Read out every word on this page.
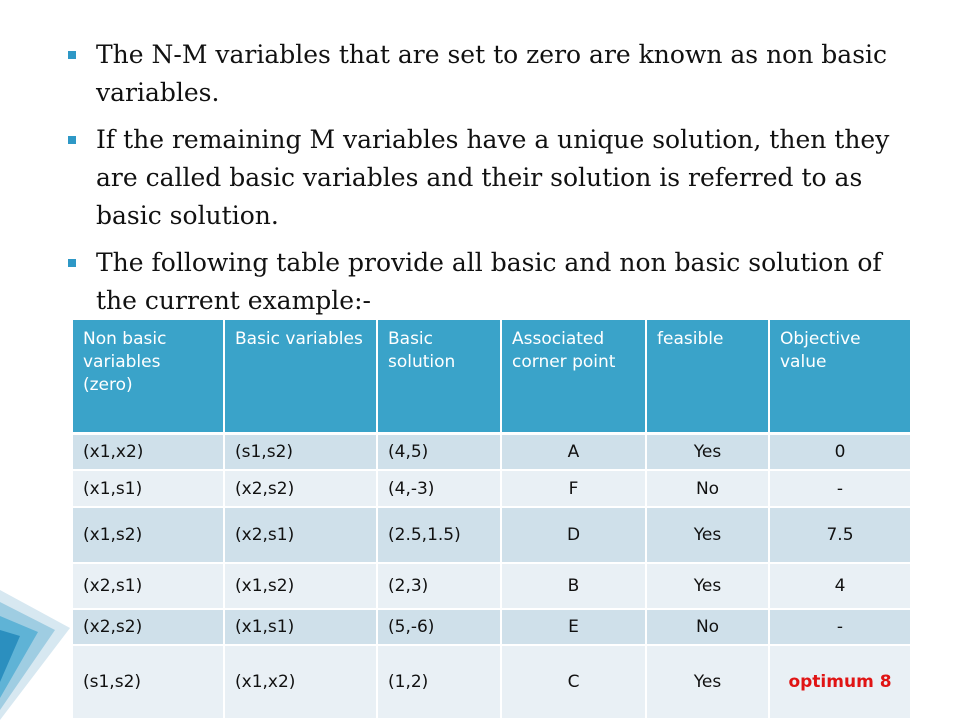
The N-M variables that are set to zero are known as non basic variables.
If the remaining M variables have a unique solution, then they are called basic variables and their solution is referred to as basic solution.
The following table provide all basic and non basic solution of the current example:-
Non basic variables (zero)	Basic variables	Basic solution	Associated corner point	feasible	Objective value
(x1,x2)	(s1,s2)	(4,5)	A	Yes	0
(x1,s1)	(x2,s2)	(4,-3)	F	No	-
(x1,s2)	(x2,s1)	(2.5,1.5)	D	Yes	7.5
(x2,s1)	(x1,s2)	(2,3)	B	Yes	4
(x2,s2)	(x1,s1)	(5,-6)	E	No	-
(s1,s2)	(x1,x2)	(1,2)	C	Yes	optimum 8
